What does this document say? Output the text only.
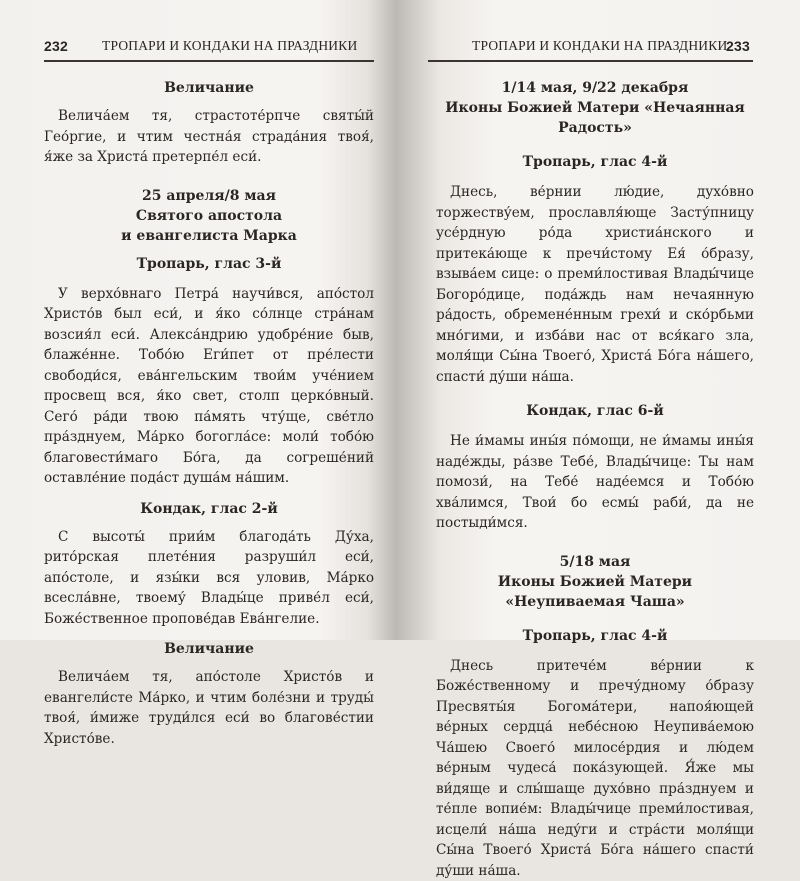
232	ТРОПАРИ И КОНДАКИ НА ПРАЗДНИКИ
Величание

Велича́ем тя, страстоте́рпче святы́й Гео́ргие, и чтим честна́я страда́ния твоя́, я́же за Христа́ претерпе́л еси́.

25 апреля/8 мая
Святого апостола
и евангелиста Марка
Тропарь, глас 3-й

У верхо́внаго Петра́ научи́вся, апо́стол Христо́в был еси́, и я́ко со́лнце стра́нам возсия́л еси́. Алекса́ндрию удобре́ние быв, блаже́нне. Тобо́ю Еги́пет от пре́лести свободи́ся, ева́нгельским твои́м уче́нием просвещ вся, я́ко свет, столп церко́вный. Сего́ ра́ди твою па́мять чту́ще, све́тло пра́зднуем, Ма́рко богогла́се: моли́ тобо́ю благовести́маго Бо́га, да согреше́ний оставле́ние пода́ст душа́м на́шим.

Кондак, глас 2-й

С высоты́ прии́м благода́ть Ду́ха, рито́рская плете́ния разруши́л еси́, апо́столе, и язы́ки вся уловив, Ма́рко всесла́вне, твоему́ Влады́це приве́л еси́, Боже́ственное пропове́дав Ева́нгелие.

Величание

Велича́ем тя, апо́столе Христо́в и евангели́сте Ма́рко, и чтим боле́зни и труды́ твоя́, и́миже труди́лся еси́ во благове́стии Христо́ве.

ТРОПАРИ И КОНДАКИ НА ПРАЗДНИКИ
233
1/14 мая, 9/22 декабря
Иконы Божией Матери «Нечаянная Радость»
Тропарь, глас 4-й

Днесь, ве́рнии лю́дие, духо́вно торжеству́ем, прославля́юще Засту́пницу усе́рдную ро́да христиа́нского и притека́юще к пречи́стому Ея́ о́бразу, взыва́ем сице: о преми́лостивая Влады́чице Богоро́дице, пода́ждь нам нечаянную ра́дость, обремене́нным грехи́ и ско́рбьми мно́гими, и изба́ви нас от вся́каго зла, моля́щи Сы́на Твоего́, Христа́ Бо́га на́шего, спасти́ ду́ши на́ша.

Кондак, глас 6-й

Не и́мамы ины́я по́мощи, не и́мамы ины́я наде́жды, ра́зве Тебе́, Влады́чице: Ты нам помози́, на Тебе́ наде́емся и Тобо́ю хва́лимся, Твои́ бо есмы́ раби́, да не постыди́мся.

5/18 мая
Иконы Божией Матери «Неупиваемая Чаша»
Тропарь, глас 4-й

Днесь притече́м ве́рнии к Боже́ственному и пречу́дному о́бразу Пресвяты́я Богома́тери, напоя́ющей ве́рных сердца́ небе́сною Неупива́емою Ча́шею Своего́ милосе́рдия и лю́дем ве́рным чудеса́ пока́зующей. Я́же мы ви́дяще и слы́шаще духо́вно пра́зднуем и те́пле вопие́м: Влады́чице преми́лостивая, исцели́ на́ша неду́ги и стра́сти моля́щи Сы́на Твоего́ Христа́ Бо́га на́шего спасти́ ду́ши на́ша.
